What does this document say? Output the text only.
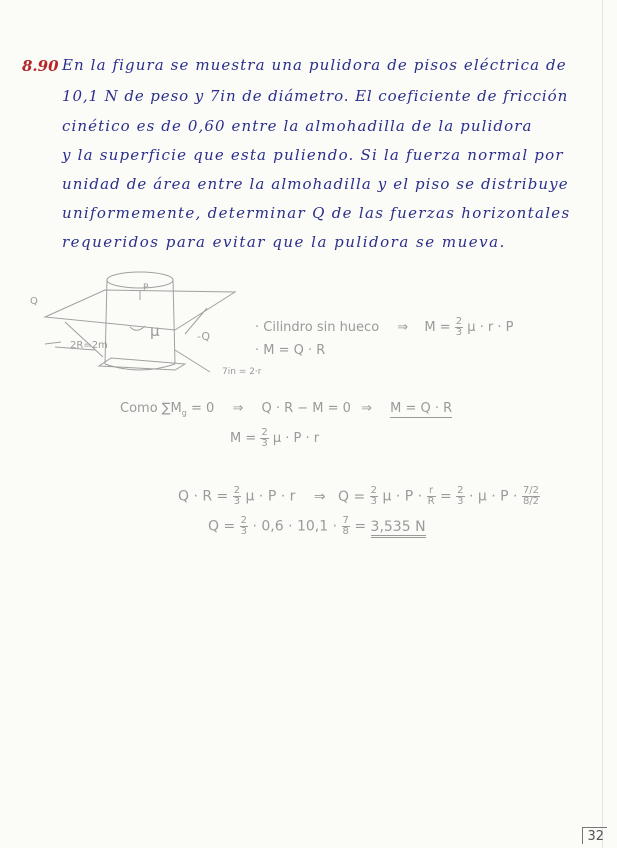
8.90 En la figura se muestra una pulidora de pisos eléctrica de
10,1 N de peso y 7in de diámetro. El coeficiente de fricción
cinético es de 0,60 entre la almohadilla de la pulidora
y la superficie que esta puliendo. Si la fuerza normal por
unidad de área entre la almohadilla y el piso se distribuye
uniformemente, determinar Q de las fuerzas horizontales
requeridos para evitar que la pulidora se mueva.
Q
-Q
2R=2m
μ
P
7in = 2·r
· Cilindro sin hueco ⇒ $M = \frac{2}{3}$ μ · r · P
· M = Q · R
Como $\sum M_g = 0$ ⇒ Q · R − M = 0 ⇒ M = Q · R
$M = \frac{2}{3}$ μ · P · r
$Q \cdot R = \frac{2}{3}$ μ · P · r ⇒ $Q = \frac{2}{3}$ $\mu \cdot P \cdot \frac{r}{R} = \frac{2}{3} \cdot \mu \cdot P \cdot \frac{7/2}{8/2}$
$Q = \frac{2}{3} \cdot 0,6 \cdot 10,1 \cdot \frac{7}{8} = 3,535$ N
32
